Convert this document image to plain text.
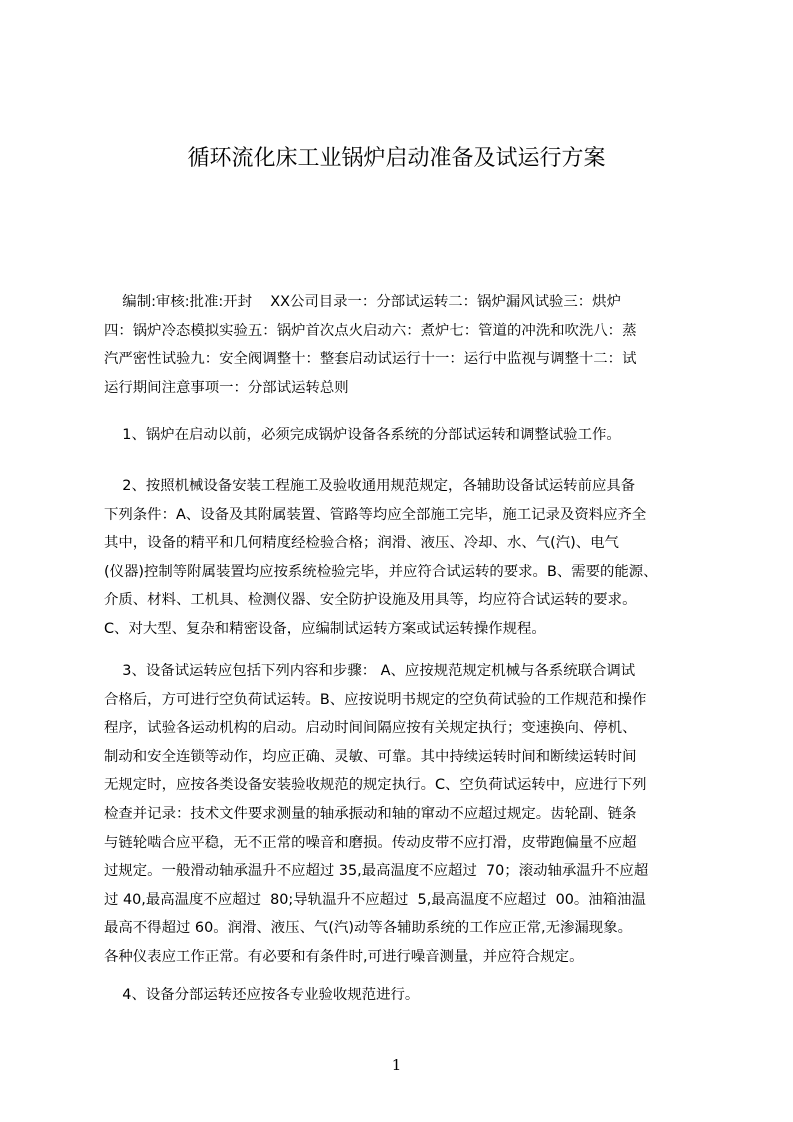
循环流化床工业锅炉启动准备及试运行方案
编制:审核:批准:开封    XX公司目录一：分部试运转二：锅炉漏风试验三：烘炉
四：锅炉冷态模拟实验五：锅炉首次点火启动六：煮炉七：管道的冲洗和吹洗八：蒸
汽严密性试验九：安全阀调整十：整套启动试运行十一：运行中监视与调整十二：试
运行期间注意事项一：分部试运转总则
1、锅炉在启动以前，必须完成锅炉设备各系统的分部试运转和调整试验工作。
2、按照机械设备安装工程施工及验收通用规范规定，各辅助设备试运转前应具备
下列条件：A、设备及其附属装置、管路等均应全部施工完毕，施工记录及资料应齐全
其中，设备的精平和几何精度经检验合格；润滑、液压、冷却、水、气(汽)、电气
(仪器)控制等附属装置均应按系统检验完毕，并应符合试运转的要求。B、需要的能源、
介质、材料、工机具、检测仪器、安全防护设施及用具等，均应符合试运转的要求。
C、对大型、复杂和精密设备，应编制试运转方案或试运转操作规程。
3、设备试运转应包括下列内容和步骤： A、应按规范规定机械与各系统联合调试
合格后，方可进行空负荷试运转。B、应按说明书规定的空负荷试验的工作规范和操作
程序，试验各运动机构的启动。启动时间间隔应按有关规定执行；变速换向、停机、
制动和安全连锁等动作，均应正确、灵敏、可靠。其中持续运转时间和断续运转时间
无规定时，应按各类设备安装验收规范的规定执行。C、空负荷试运转中，应进行下列
检查并记录：技术文件要求测量的轴承振动和轴的窜动不应超过规定。齿轮副、链条
与链轮啮合应平稳，无不正常的噪音和磨损。传动皮带不应打滑，皮带跑偏量不应超
过规定。一般滑动轴承温升不应超过 35,最高温度不应超过  70；滚动轴承温升不应超
过 40,最高温度不应超过  80;导轨温升不应超过  5,最高温度不应超过  00。油箱油温
最高不得超过 60。润滑、液压、气(汽)动等各辅助系统的工作应正常,无渗漏现象。
各种仪表应工作正常。有必要和有条件时,可进行噪音测量，并应符合规定。
4、设备分部运转还应按各专业验收规范进行。
1
